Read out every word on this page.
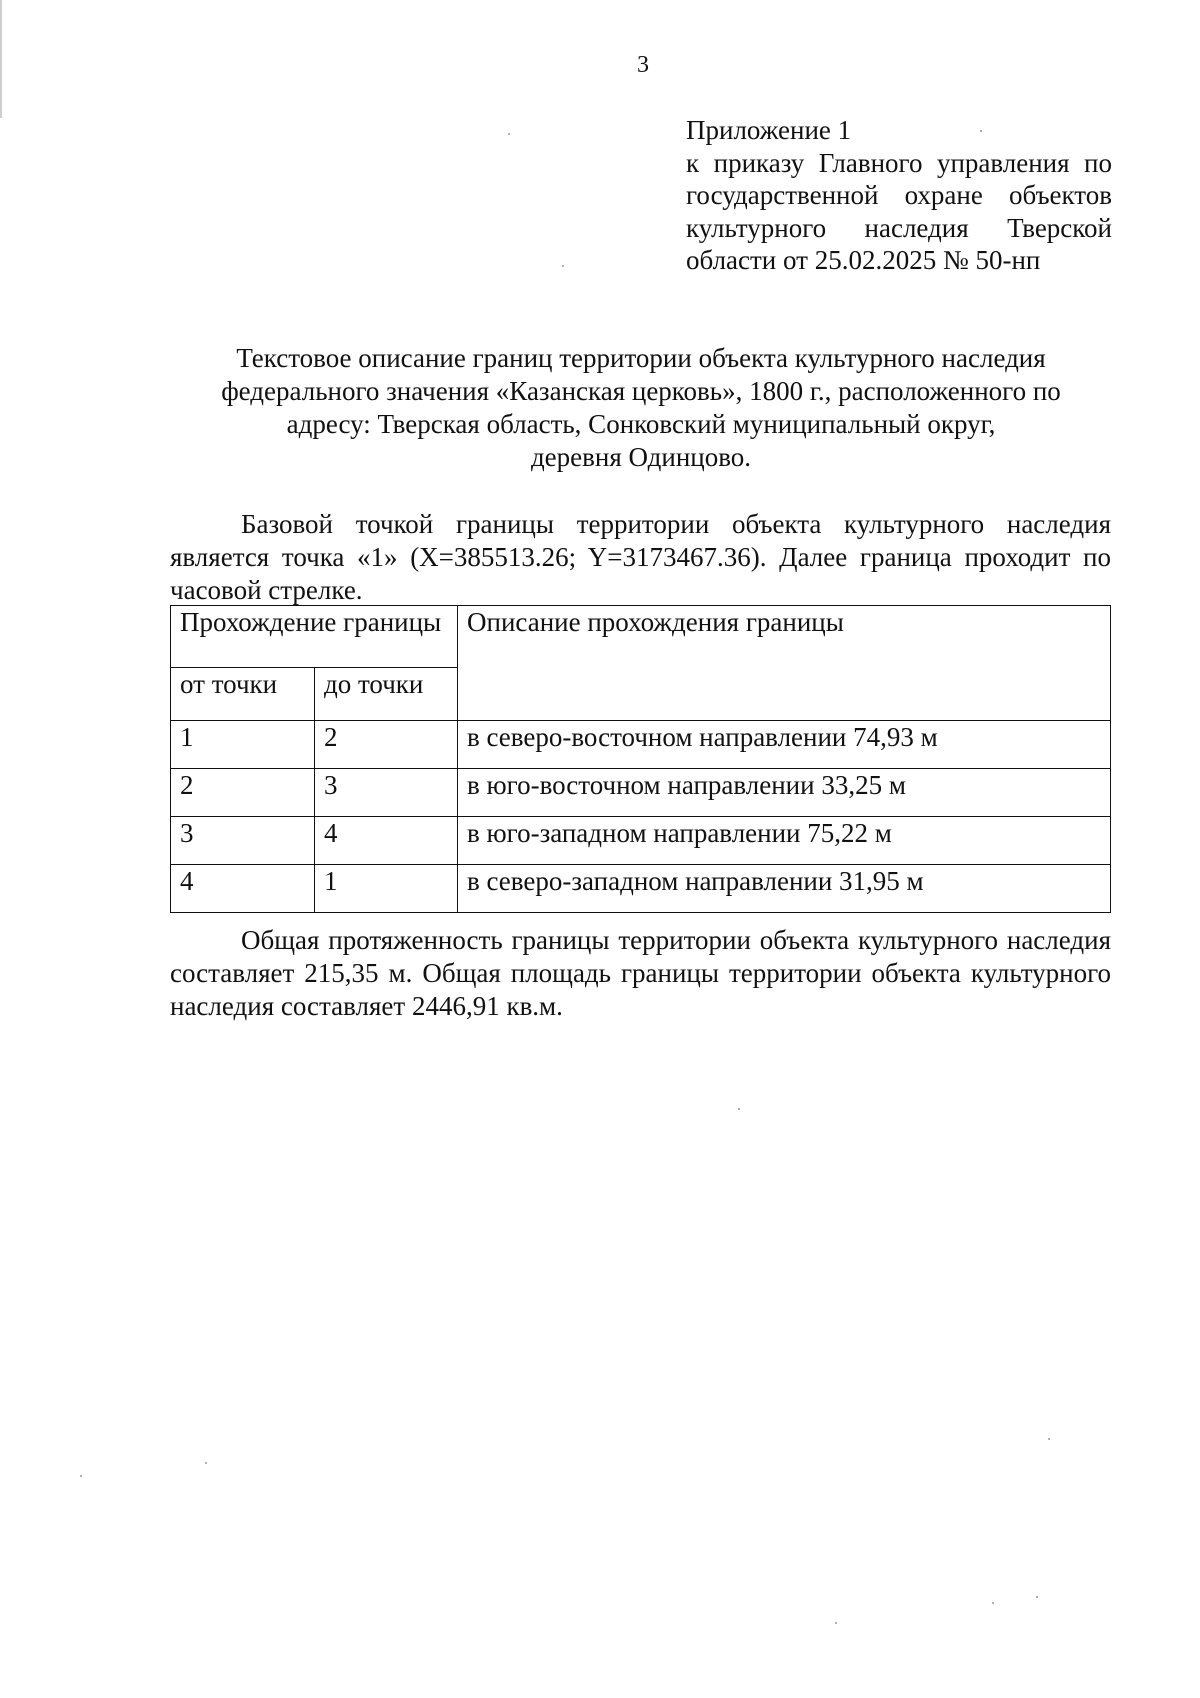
3
Приложение 1
к приказу Главного управления по
государственной охране объектов
культурного наследия Тверской
области от 25.02.2025 № 50-нп
Текстовое описание границ территории объекта культурного наследия
федерального значения «Казанская церковь», 1800 г., расположенного по
адресу: Тверская область, Сонковский муниципальный округ,
деревня Одинцово.

Базовой точкой границы территории объекта культурного наследия является точка «1» (X=385513.26; Y=3173467.36). Далее граница проходит по часовой стрелке.

Прохождение границы		Описание прохождения границы
от точки	до точки	
1	2	в северо-восточном направлении 74,93 м
2	3	в юго-восточном направлении 33,25 м
3	4	в юго-западном направлении 75,22 м
4	1	в северо-западном направлении 31,95 м

Общая протяженность границы территории объекта культурного наследия составляет 215,35 м. Общая площадь границы территории объекта культурного наследия составляет 2446,91 кв.м.
